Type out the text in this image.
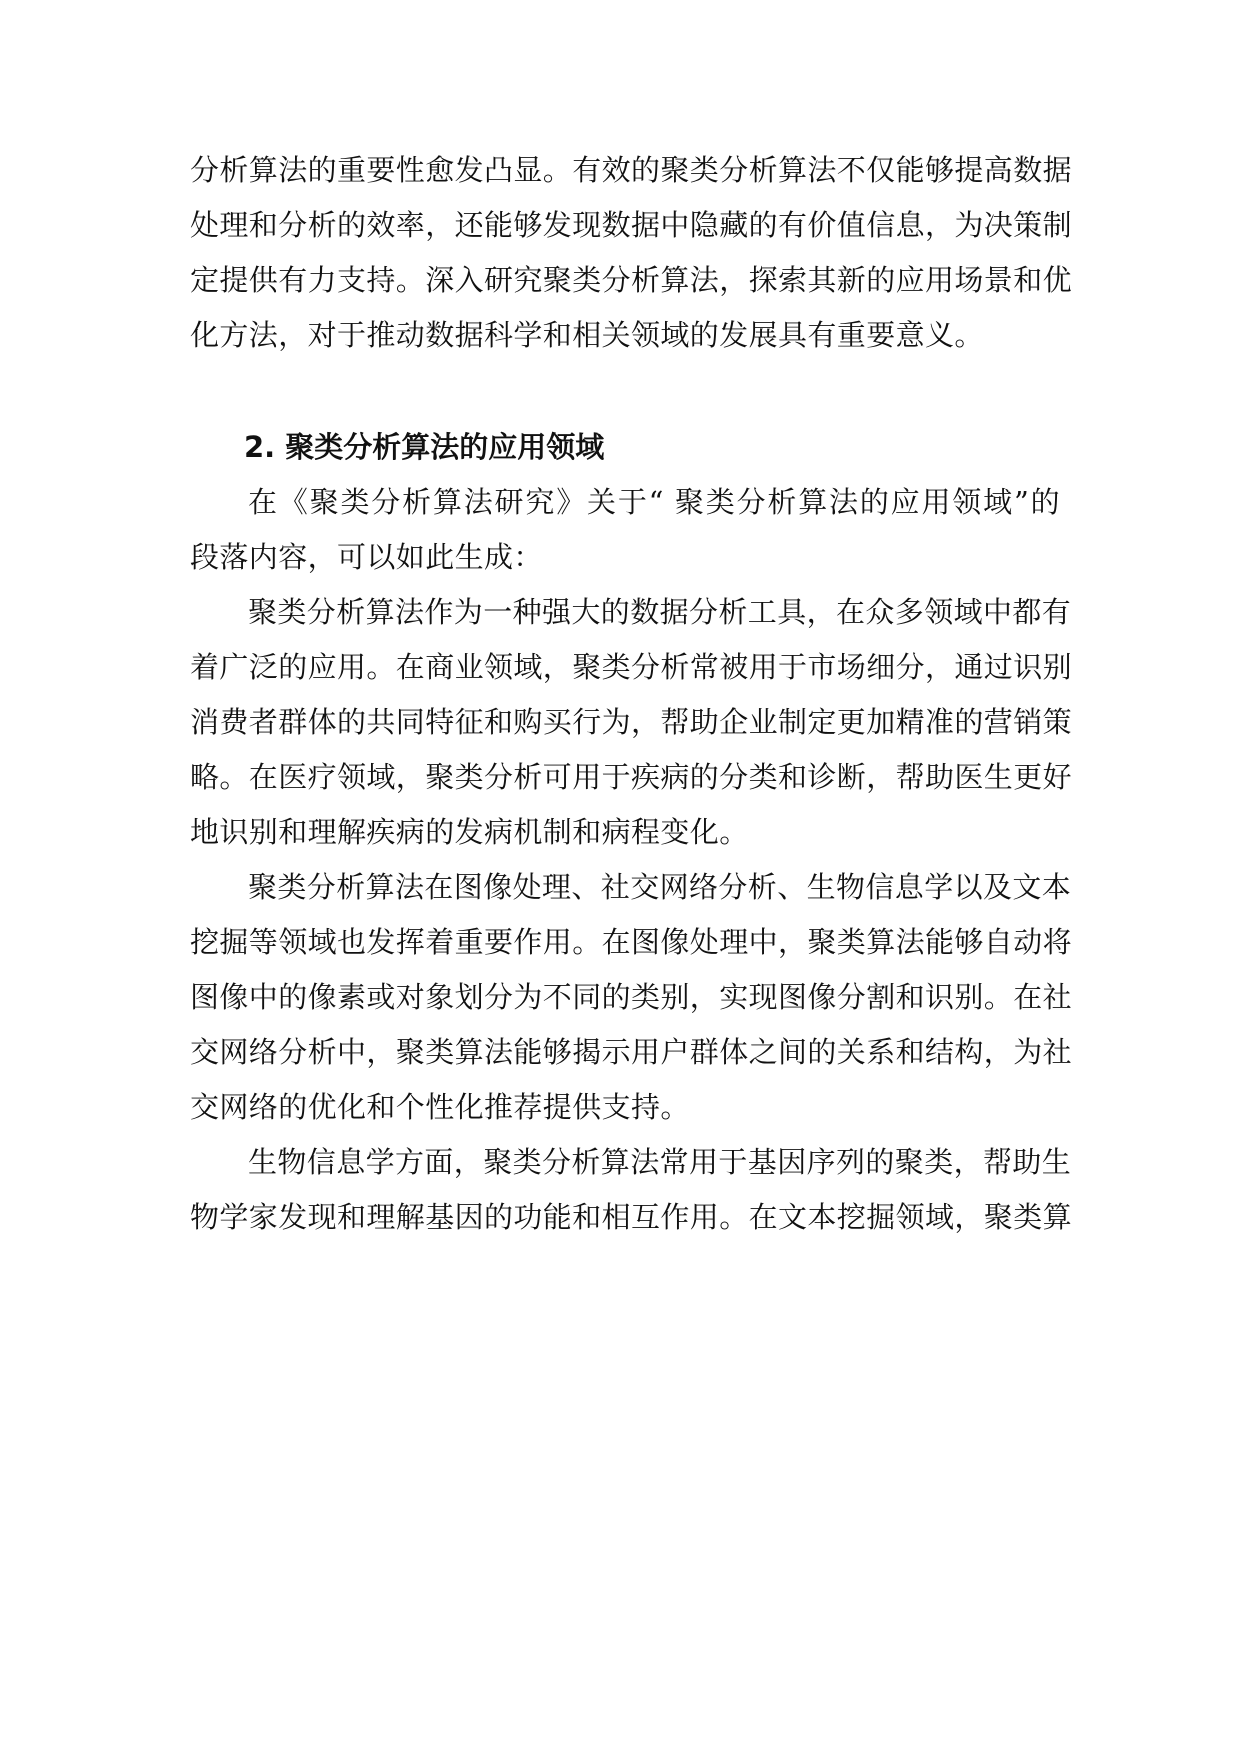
分析算法的重要性愈发凸显。有效的聚类分析算法不仅能够提高数据
处理和分析的效率，还能够发现数据中隐藏的有价值信息，为决策制
定提供有力支持。深入研究聚类分析算法，探索其新的应用场景和优
化方法，对于推动数据科学和相关领域的发展具有重要意义。
2. 聚类分析算法的应用领域
在《聚类分析算法研究》关于“ 聚类分析算法的应用领域”的
段落内容，可以如此生成：
聚类分析算法作为一种强大的数据分析工具，在众多领域中都有
着广泛的应用。在商业领域，聚类分析常被用于市场细分，通过识别
消费者群体的共同特征和购买行为，帮助企业制定更加精准的营销策
略。在医疗领域，聚类分析可用于疾病的分类和诊断，帮助医生更好
地识别和理解疾病的发病机制和病程变化。
聚类分析算法在图像处理、社交网络分析、生物信息学以及文本
挖掘等领域也发挥着重要作用。在图像处理中，聚类算法能够自动将
图像中的像素或对象划分为不同的类别，实现图像分割和识别。在社
交网络分析中，聚类算法能够揭示用户群体之间的关系和结构，为社
交网络的优化和个性化推荐提供支持。
生物信息学方面，聚类分析算法常用于基因序列的聚类，帮助生
物学家发现和理解基因的功能和相互作用。在文本挖掘领域，聚类算
